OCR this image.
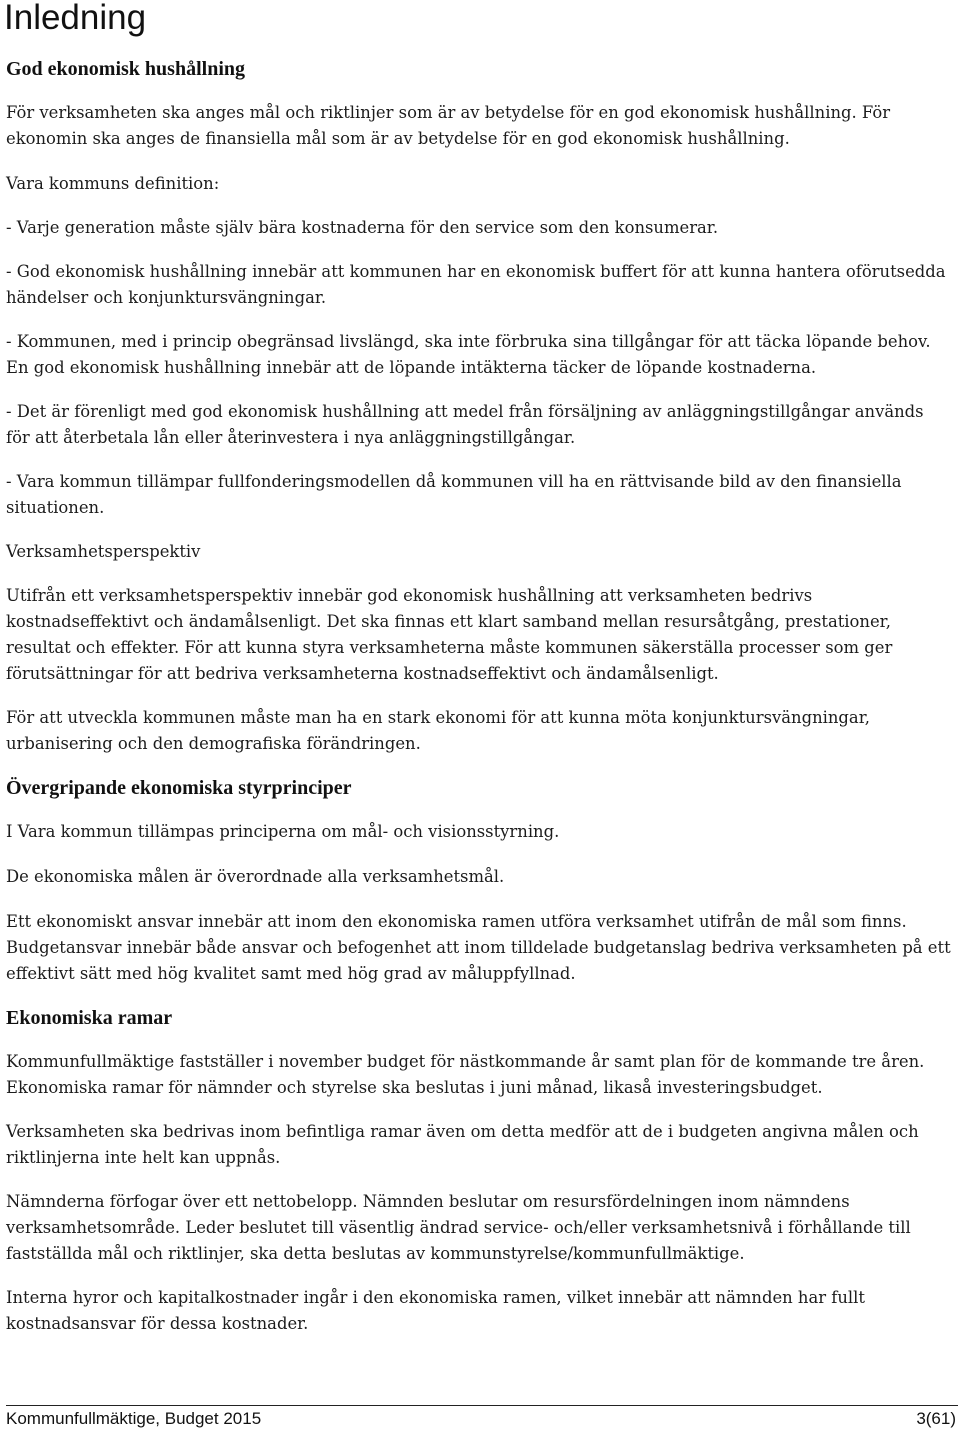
Inledning
God ekonomisk hushållning

För verksamheten ska anges mål och riktlinjer som är av betydelse för en god ekonomisk hushållning. För ekonomin ska anges de finansiella mål som är av betydelse för en god ekonomisk hushållning.

Vara kommuns definition:

- Varje generation måste själv bära kostnaderna för den service som den konsumerar.

- God ekonomisk hushållning innebär att kommunen har en ekonomisk buffert för att kunna hantera oförutsedda händelser och konjunktursvängningar.

- Kommunen, med i princip obegränsad livslängd, ska inte förbruka sina tillgångar för att täcka löpande behov. En god ekonomisk hushållning innebär att de löpande intäkterna täcker de löpande kostnaderna.

- Det är förenligt med god ekonomisk hushållning att medel från försäljning av anläggningstillgångar används för att återbetala lån eller återinvestera i nya anläggningstillgångar.

- Vara kommun tillämpar fullfonderingsmodellen då kommunen vill ha en rättvisande bild av den finansiella situationen.

Verksamhetsperspektiv

Utifrån ett verksamhetsperspektiv innebär god ekonomisk hushållning att verksamheten bedrivs kostnadseffektivt och ändamålsenligt. Det ska finnas ett klart samband mellan resursåtgång, prestationer, resultat och effekter. För att kunna styra verksamheterna måste kommunen säkerställa processer som ger förutsättningar för att bedriva verksamheterna kostnadseffektivt och ändamålsenligt.

För att utveckla kommunen måste man ha en stark ekonomi för att kunna möta konjunktursvängningar, urbanisering och den demografiska förändringen.

Övergripande ekonomiska styrprinciper

I Vara kommun tillämpas principerna om mål- och visionsstyrning.

De ekonomiska målen är överordnade alla verksamhetsmål.

Ett ekonomiskt ansvar innebär att inom den ekonomiska ramen utföra verksamhet utifrån de mål som finns. Budgetansvar innebär både ansvar och befogenhet att inom tilldelade budgetanslag bedriva verksamheten på ett effektivt sätt med hög kvalitet samt med hög grad av måluppfyllnad.

Ekonomiska ramar

Kommunfullmäktige fastställer i november budget för nästkommande år samt plan för de kommande tre åren. Ekonomiska ramar för nämnder och styrelse ska beslutas i juni månad, likaså investeringsbudget.

Verksamheten ska bedrivas inom befintliga ramar även om detta medför att de i budgeten angivna målen och riktlinjerna inte helt kan uppnås.

Nämnderna förfogar över ett nettobelopp. Nämnden beslutar om resursfördelningen inom nämndens verksamhetsområde. Leder beslutet till väsentlig ändrad service- och/eller verksamhetsnivå i förhållande till fastställda mål och riktlinjer, ska detta beslutas av kommunstyrelse/kommunfullmäktige.

Interna hyror och kapitalkostnader ingår i den ekonomiska ramen, vilket innebär att nämnden har fullt kostnadsansvar för dessa kostnader.

Kommunfullmäktige, Budget 2015	3(61)
